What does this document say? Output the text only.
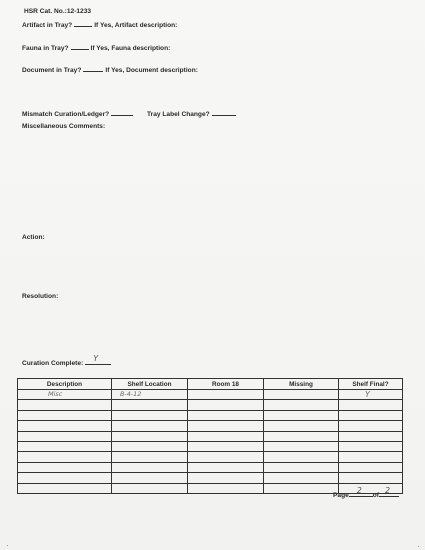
HSR Cat. No.:12-1233
Artifact in Tray?	If Yes, Artifact description:
Fauna in Tray?	If Yes, Fauna description:
Document in Tray?	If Yes, Document description:
Mismatch Curation/Ledger?	Tray Label Change?
Miscellaneous Comments:
Action:
Resolution:
Curation Complete:
Y
Description	Shelf Location	Room 18	Missing	Shelf Final?

Misc	B-4-12			Y

Page
2
of
2
